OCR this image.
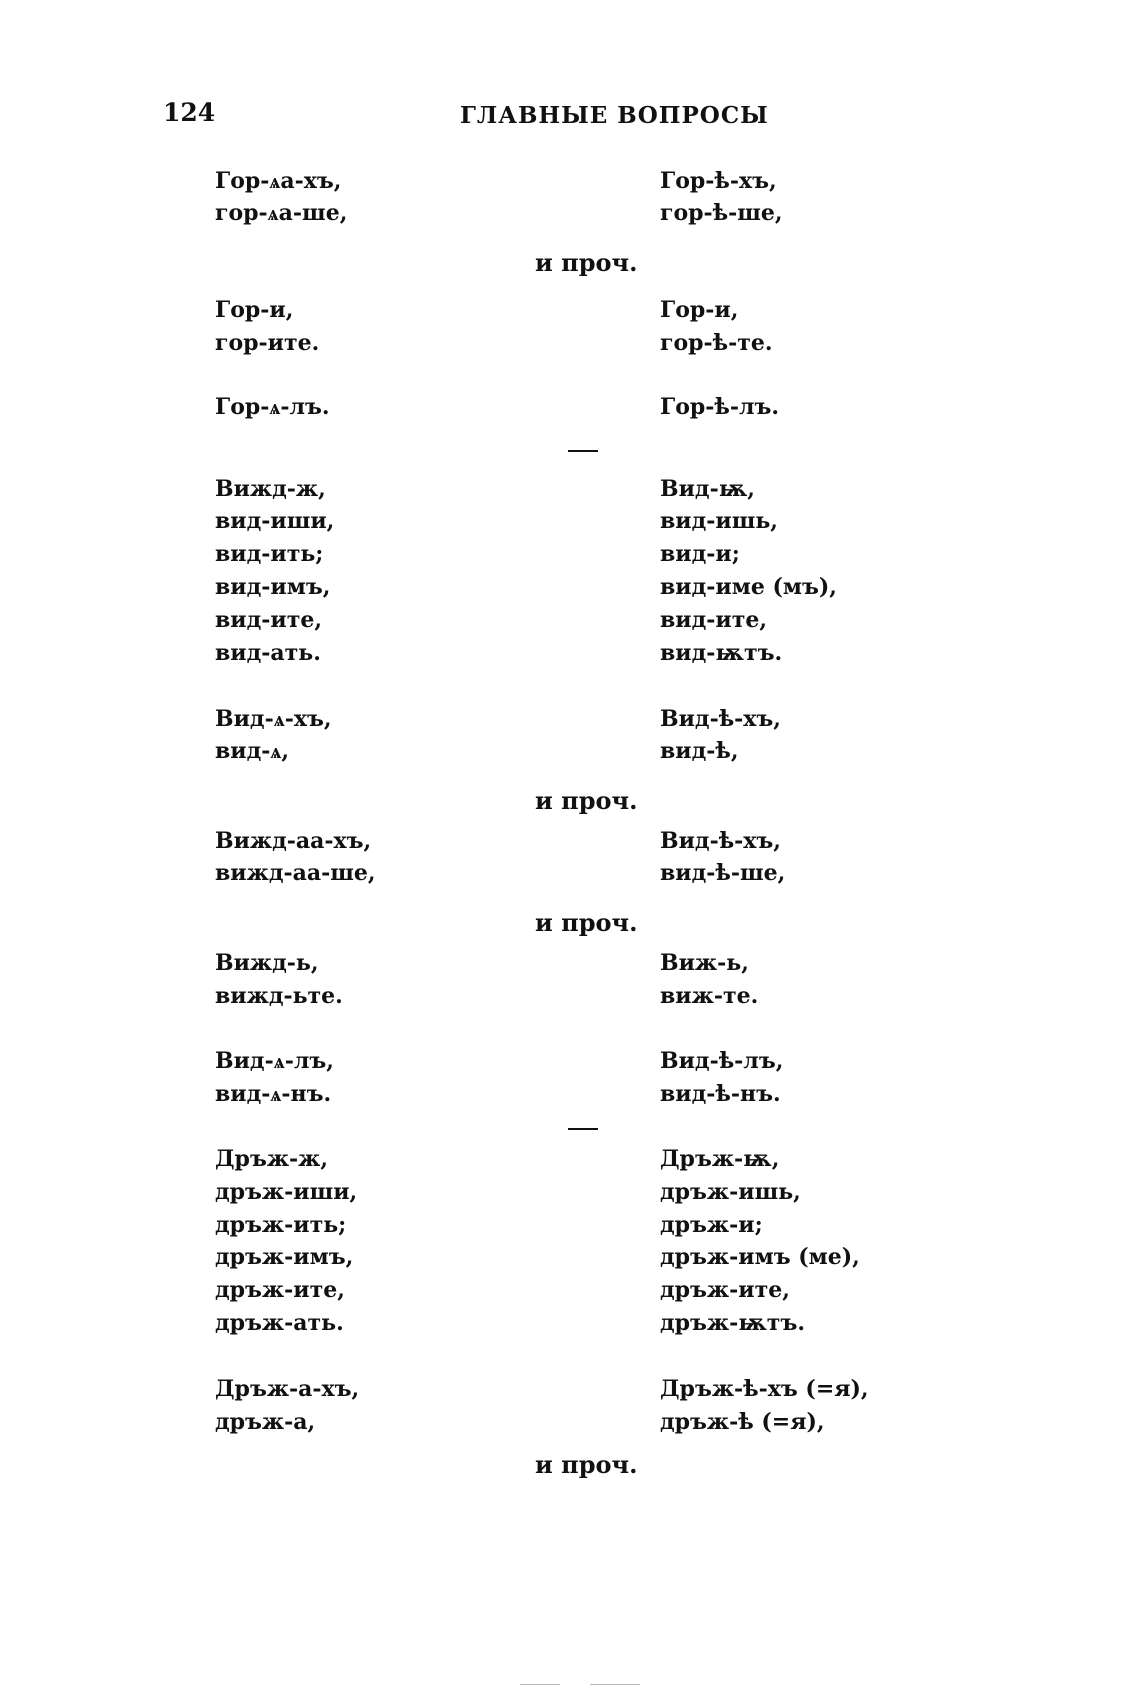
124	ГЛАВНЫЕ ВОПРОСЫ
Гор-ѧа-хъ,
гор-ѧа-ше,
Гор-ѣ-хъ,
гор-ѣ-ше,
и проч.
Гор-и,
гор-ите.
Гор-и,
гор-ѣ-те.
Гор-ѧ-лъ.	Гор-ѣ-лъ.
Вижд-ж,
вид-иши,
вид-ить;
вид-имъ,
вид-ите,
вид-ать.
Вид-ѭ,
вид-ишь,
вид-и;
вид-име (мъ),
вид-ите,
вид-ѭтъ.
Вид-ѧ-хъ,
вид-ѧ,
Вид-ѣ-хъ,
вид-ѣ,
и проч.
Вижд-аа-хъ,
вижд-аа-ше,
Вид-ѣ-хъ,
вид-ѣ-ше,
и проч.
Вижд-ь,
вижд-ьте.
Виж-ь,
виж-те.
Вид-ѧ-лъ,
вид-ѧ-нъ.
Вид-ѣ-лъ,
вид-ѣ-нъ.
Дръж-ж,
дръж-иши,
дръж-ить;
дръж-имъ,
дръж-ите,
дръж-ать.
Дръж-ѭ,
дръж-ишь,
дръж-и;
дръж-имъ (ме),
дръж-ите,
дръж-ѭтъ.
Дръж-а-хъ,
дръж-а,
Дръж-ѣ-хъ (=я),
дръж-ѣ (=я),
и проч.
